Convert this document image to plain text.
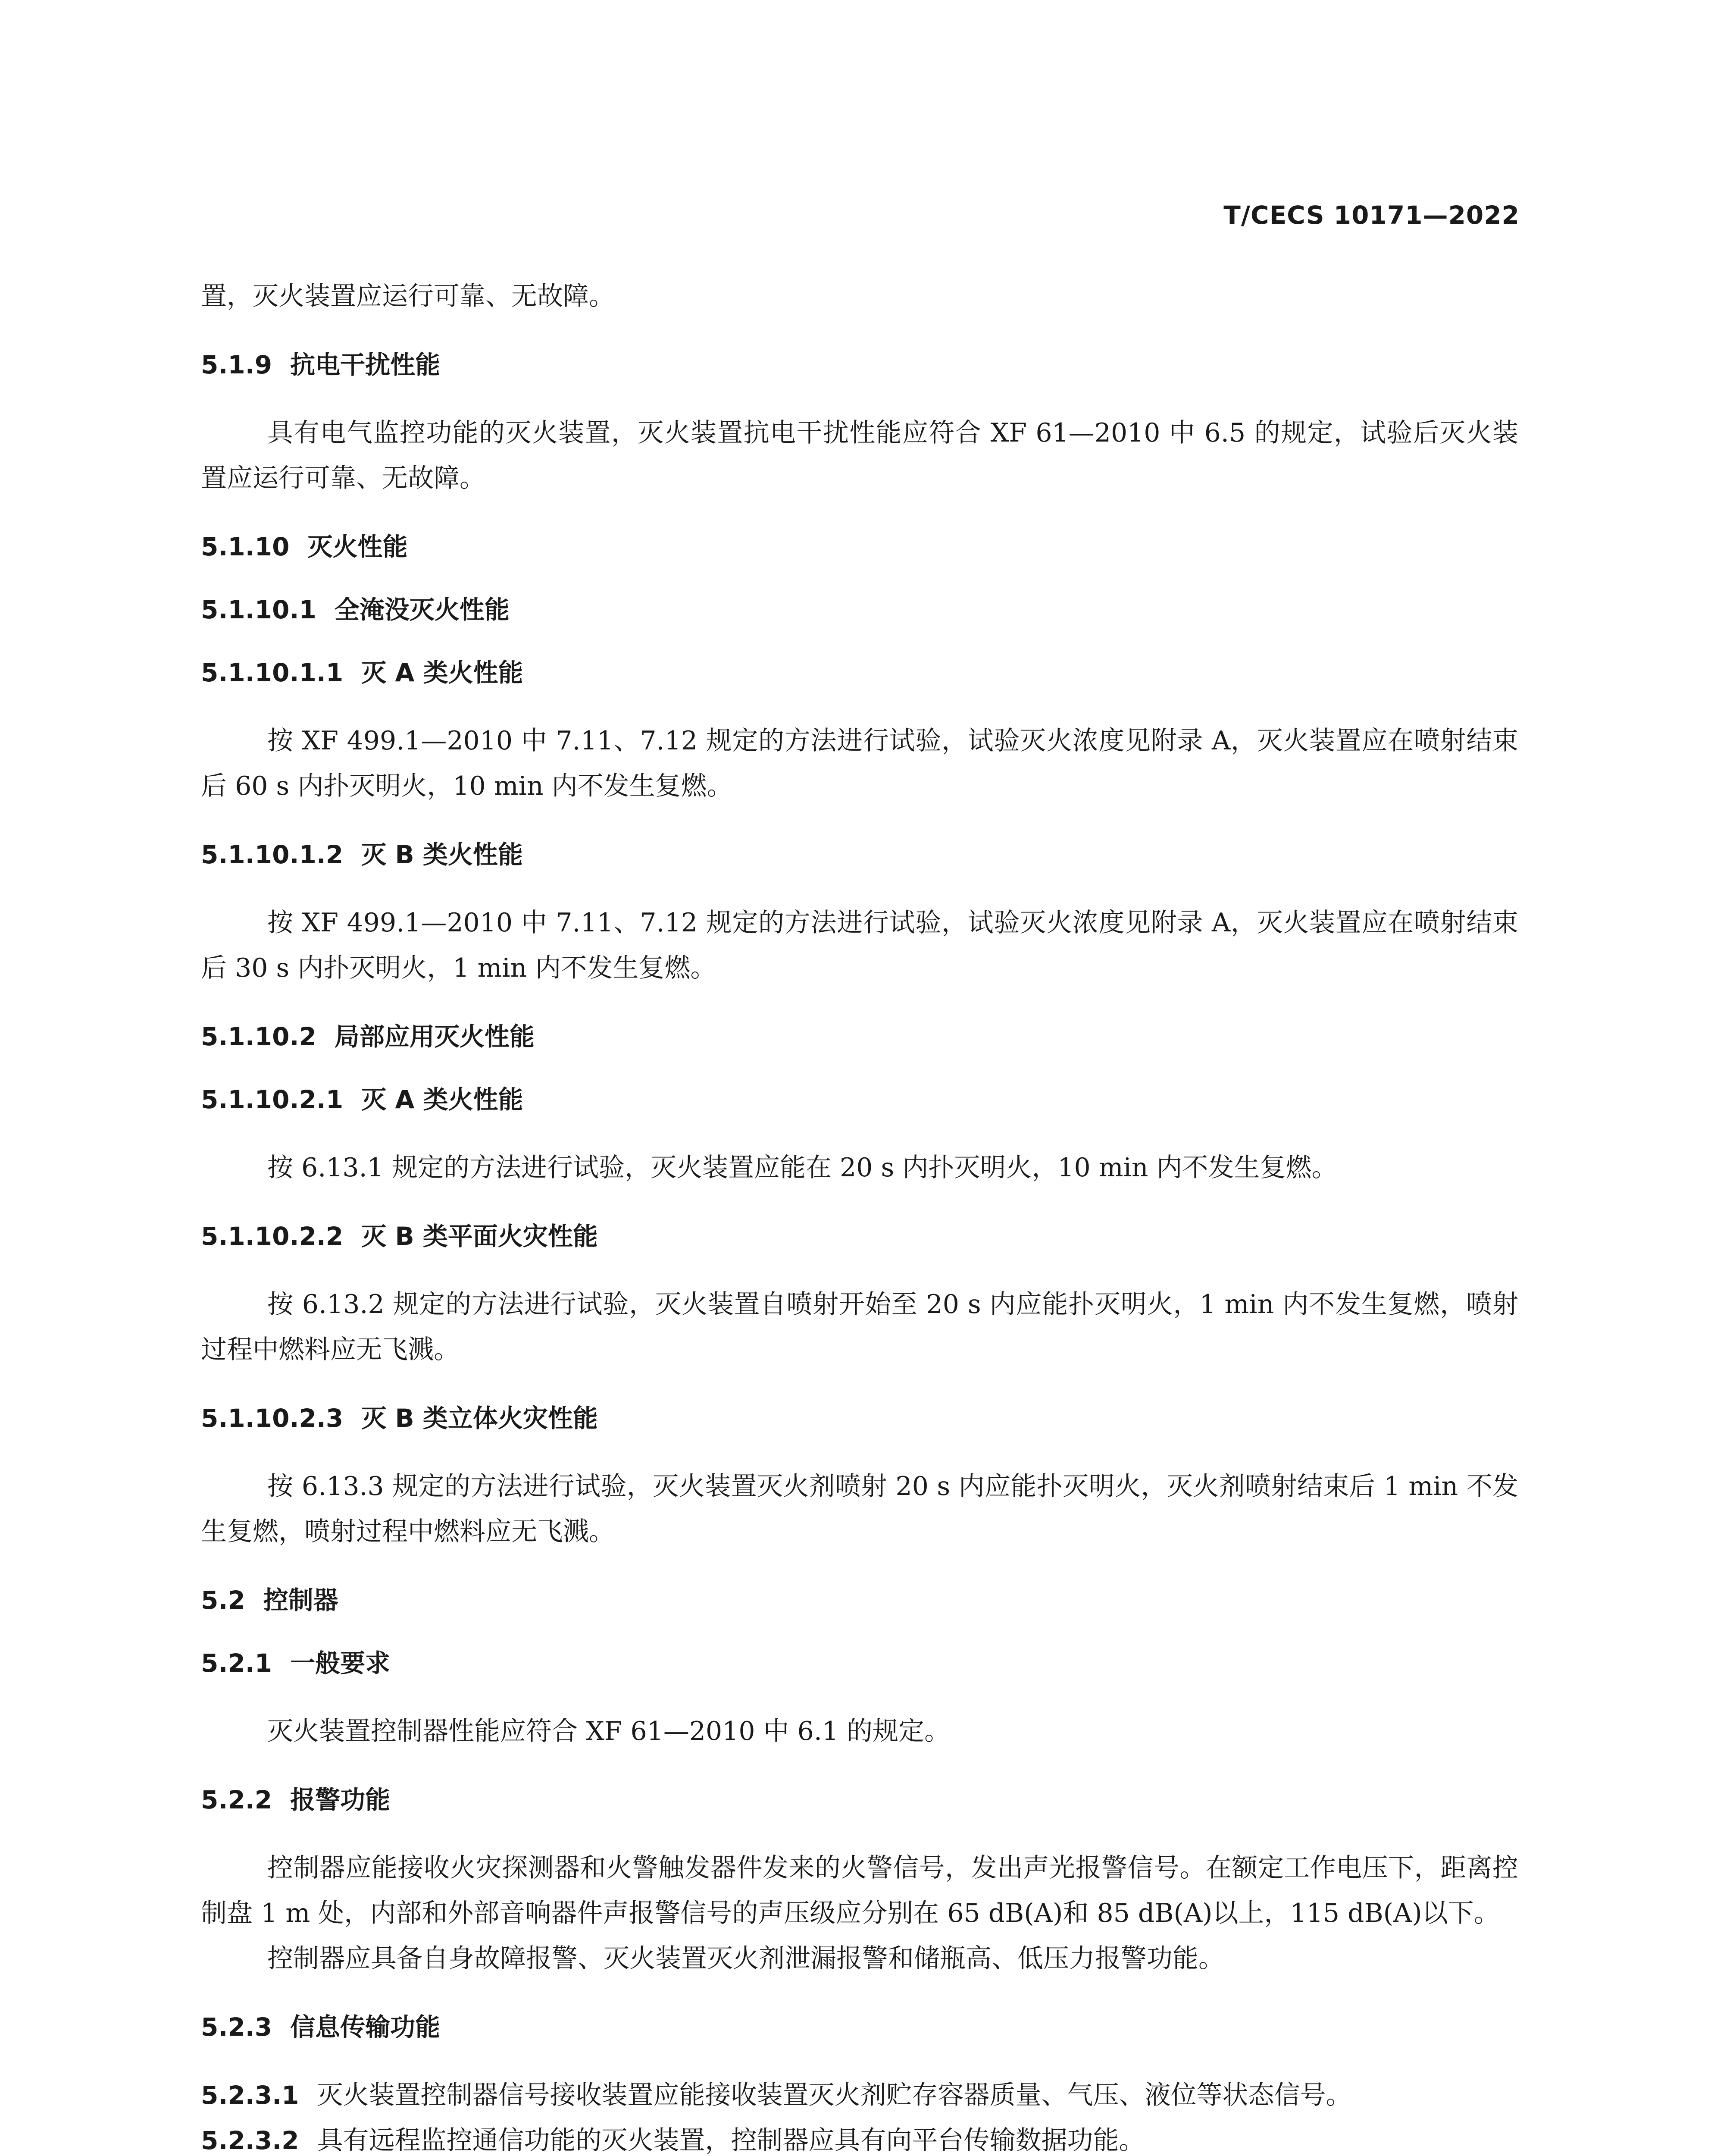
T/CECS 10171—2022
置，灭火装置应运行可靠、无故障。
5.1.9 抗电干扰性能
具有电气监控功能的灭火装置，灭火装置抗电干扰性能应符合 XF 61—2010 中 6.5 的规定，试验后灭火装置应运行可靠、无故障。
5.1.10 灭火性能
5.1.10.1 全淹没灭火性能
5.1.10.1.1 灭 A 类火性能
按 XF 499.1—2010 中 7.11、7.12 规定的方法进行试验，试验灭火浓度见附录 A，灭火装置应在喷射结束后 60 s 内扑灭明火，10 min 内不发生复燃。
5.1.10.1.2 灭 B 类火性能
按 XF 499.1—2010 中 7.11、7.12 规定的方法进行试验，试验灭火浓度见附录 A，灭火装置应在喷射结束后 30 s 内扑灭明火，1 min 内不发生复燃。
5.1.10.2 局部应用灭火性能
5.1.10.2.1 灭 A 类火性能
按 6.13.1 规定的方法进行试验，灭火装置应能在 20 s 内扑灭明火，10 min 内不发生复燃。
5.1.10.2.2 灭 B 类平面火灾性能
按 6.13.2 规定的方法进行试验，灭火装置自喷射开始至 20 s 内应能扑灭明火，1 min 内不发生复燃，喷射过程中燃料应无飞溅。
5.1.10.2.3 灭 B 类立体火灾性能
按 6.13.3 规定的方法进行试验，灭火装置灭火剂喷射 20 s 内应能扑灭明火，灭火剂喷射结束后 1 min 不发生复燃，喷射过程中燃料应无飞溅。
5.2 控制器
5.2.1 一般要求
灭火装置控制器性能应符合 XF 61—2010 中 6.1 的规定。
5.2.2 报警功能
控制器应能接收火灾探测器和火警触发器件发来的火警信号，发出声光报警信号。在额定工作电压下，距离控制盘 1 m 处，内部和外部音响器件声报警信号的声压级应分别在 65 dB(A)和 85 dB(A)以上，115 dB(A)以下。
控制器应具备自身故障报警、灭火装置灭火剂泄漏报警和储瓶高、低压力报警功能。
5.2.3 信息传输功能
5.2.3.1 灭火装置控制器信号接收装置应能接收装置灭火剂贮存容器质量、气压、液位等状态信号。
5.2.3.2 具有远程监控通信功能的灭火装置，控制器应具有向平台传输数据功能。
